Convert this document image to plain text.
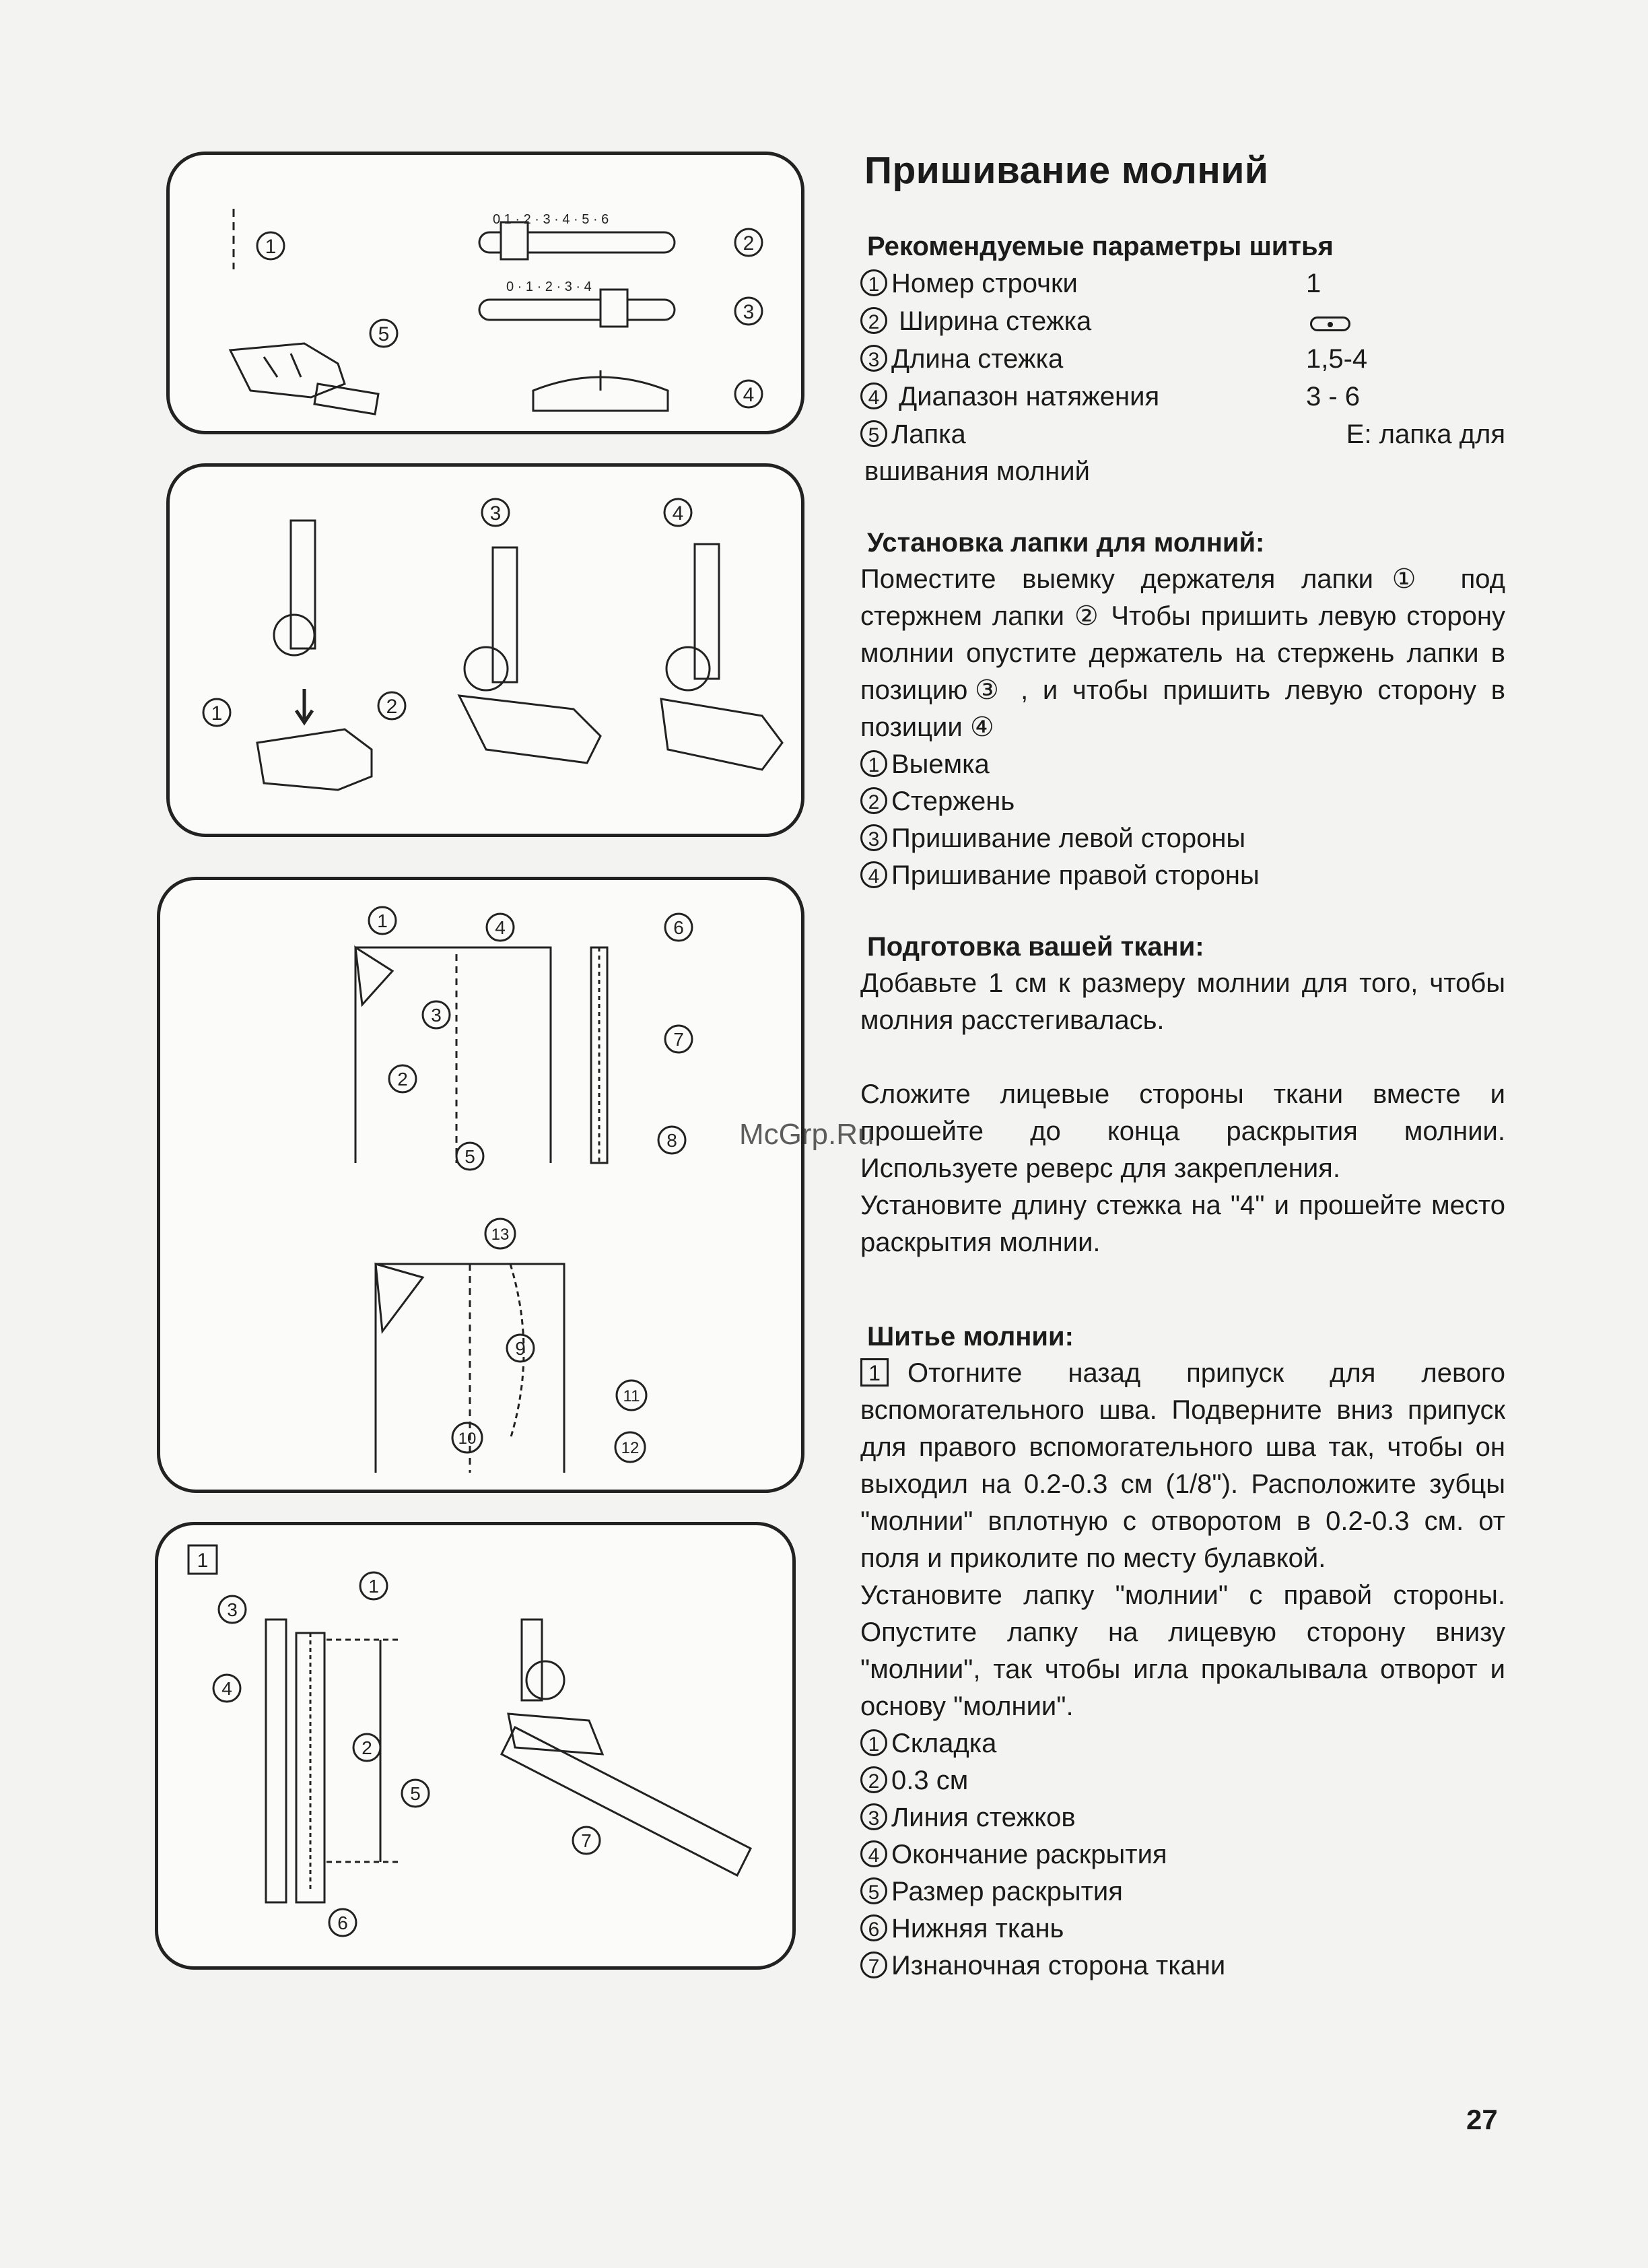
0 1 · 2 · 3 · 4 · 5 · 6
0 · 1 · 2 · 3 · 4
1	2
3
4
5
1	2
3	4
1
2
3
4
5
6
7
8
9
10
11
12
13
1
1
2
3
4
5
6
7
Пришивание молний
Рекомендуемые параметры шитья
1 Номер строчки	1
2 Ширина стежка
3 Длина стежка	1,5-4
4 Диапазон натяжения	3 - 6
5 Лапка	E: лапка для
вшивания молний
Установка лапки для молний:

Поместите выемку держателя лапки① под стержнем лапки ② Чтобы пришить левую сторону молнии опустите держатель на стержень лапки в позицию③ , и чтобы пришить левую сторону в позиции ④

1 Выемка
2 Стержень
3 Пришивание левой стороны
4 Пришивание правой стороны
Подготовка вашей ткани:

Добавьте 1 см к размеру молнии для того, чтобы молния расстегивалась.

Сложите лицевые стороны ткани вместе и прошейте до конца раскрытия молнии. Используете реверс для закрепления.

Установите длину стежка на "4" и прошейте место раскрытия молнии.

Шитье молнии:

1 Отогните назад припуск для левого вспомогательного шва. Подверните вниз припуск для правого вспомогательного шва так, чтобы он выходил на 0.2-0.3 см (1/8"). Расположите зубцы "молнии" вплотную с отворотом в 0.2-0.3 см. от поля и приколите по месту булавкой.

Установите лапку "молнии" с правой стороны. Опустите лапку на лицевую сторону внизу "молнии", так чтобы игла прокалывала отворот и основу "молнии".

1 Складка
2 0.3 см
3 Линия стежков
4 Окончание раскрытия
5 Размер раскрытия
6 Нижняя ткань
7 Изнаночная сторона ткани
McGrp.Ru
27
